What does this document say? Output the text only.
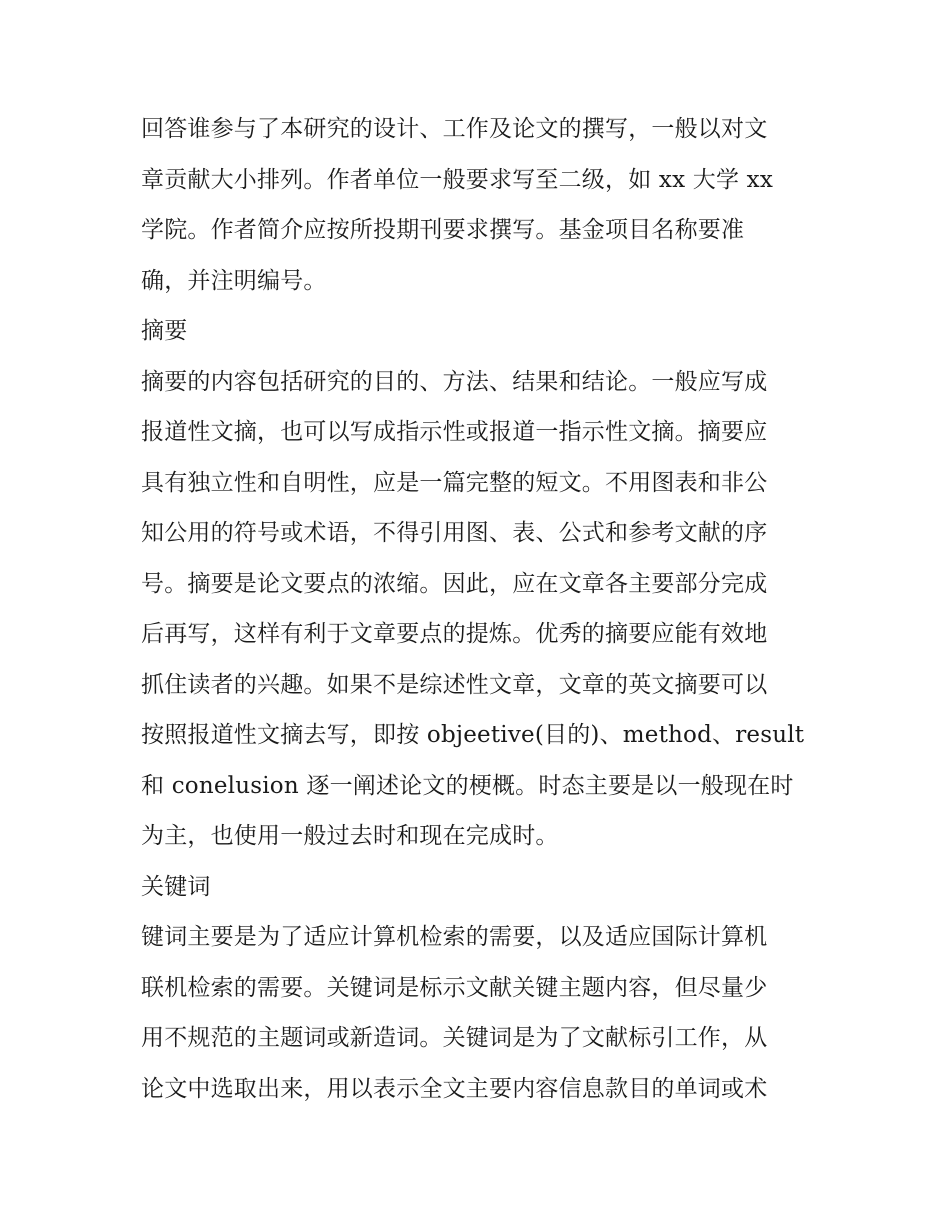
回答谁参与了本研究的设计、工作及论文的撰写，一般以对文
章贡献大小排列。作者单位一般要求写至二级，如 xx 大学 xx
学院。作者简介应按所投期刊要求撰写。基金项目名称要准
确，并注明编号。
摘要
摘要的内容包括研究的目的、方法、结果和结论。一般应写成
报道性文摘，也可以写成指示性或报道一指示性文摘。摘要应
具有独立性和自明性，应是一篇完整的短文。不用图表和非公
知公用的符号或术语，不得引用图、表、公式和参考文献的序
号。摘要是论文要点的浓缩。因此，应在文章各主要部分完成
后再写，这样有利于文章要点的提炼。优秀的摘要应能有效地
抓住读者的兴趣。如果不是综述性文章，文章的英文摘要可以
按照报道性文摘去写，即按 objeetive(目的)、method、result
和 conelusion 逐一阐述论文的梗概。时态主要是以一般现在时
为主，也使用一般过去时和现在完成时。
关键词
键词主要是为了适应计算机检索的需要，以及适应国际计算机
联机检索的需要。关键词是标示文献关键主题内容，但尽量少
用不规范的主题词或新造词。关键词是为了文献标引工作，从
论文中选取出来，用以表示全文主要内容信息款目的单词或术
